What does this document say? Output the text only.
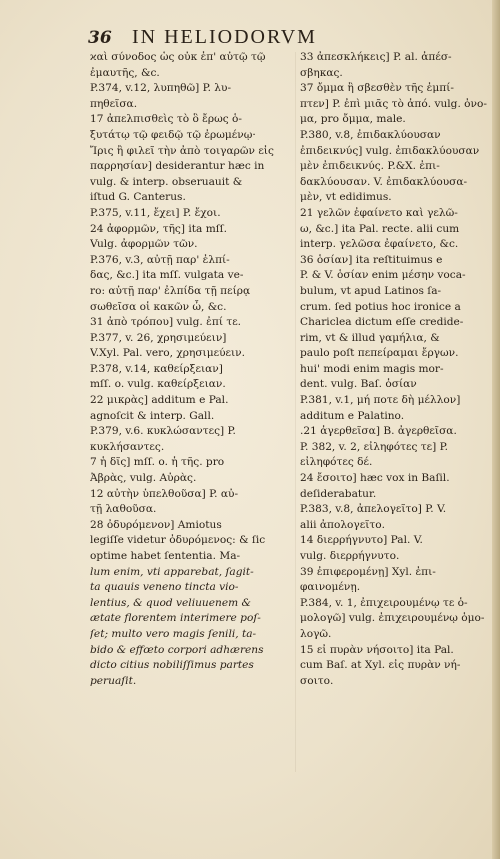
36 IN HELIODORVM
ϰαὶ σύνοδος ὡς οὐκ ἐπ' αὐτῷ τῷ
ἐμαυτῆς, &c.
P.374, v.12, λυπηθῶ] P. λυ-
πηθεῖσα.
17 ἀπελπισθεὶς τὸ ὃ ἔρως ὁ-
ξυτάτῳ τῷ φειδῷ τῷ ἐρωμένῳ·
Ἴρις ἢ φιλεῖ τὴν ἀπὸ τοιγαρῶν εἰς
παρρησίαν] desiderantur hæc in
vulg. & interp. obseruauit &
iſtud G. Canterus.
P.375, v.11, ἔχει] P. ἔχοι.
24 ἀφορμῶν, τῆς] ita mſſ.
Vulg. ἀφορμῶν τῶν.
P.376, v.3, αὐτῇ παρ' ἐλπί-
δας, &c.] ita mſſ. vulgata ve-
ro: αὐτῇ παρ' ἐλπίδα τῇ πείρᾳ
σωθεῖσα οἱ κακῶν ὦ, &c.
31 ἀπὸ τρόπου] vulg. ἐπί τε.
P.377, v. 26, χρησιμεύειν]
V.Xyl. Pal. vero, χρησιμεύειν.
P.378, v.14, καθείρξειαν]
mſſ. o. vulg. καθείρξειαν.
22 μικρὰς] additum e Pal.
agnoſcit & interp. Gall.
P.379, v.6. κυκλώσαντες] P.
κυκλήσαντες.
7 ἡ δῖς] mſſ. o. ἡ τῆς. pro
Ἀβρὰς, vulg. Αὐρὰς.
12 αὐτὴν ὑπελθοῦσα] P. αὐ-
τῇ λαθοῦσα.
28 ὀδυρόμενον] Amiotus
legiſſe videtur ὀδυρόμενος: & ſic
optime habet ſententia. Ma-
lum enim, vti apparebat, ſagit-
ta quauis veneno tincta vio-
lentius, & quod veliuuenem &
ætate florentem interimere poſ-
ſet; multo vero magis ſenili, ta-
bido & effœto corpori adhærens
dicto citius nobiliſſimus partes
peruaſit.
33 ἀπεσκλήκεις] P. al. ἀπέσ-
σβηκας.
37 ὄμμα ἢ σβεσθὲν τῆς ἐμπί-
πτεν] P. ἐπὶ μιᾶς τὸ ἀπό. vulg. ὀνο-
μα, pro ὄμμα, male.
P.380, v.8, ἐπιδακλύουσαν
ἐπιδεικνύς] vulg. ἐπιδακλύουσαν
μὲν ἐπιδεικνύς. P.&X. ἐπι-
δακλύουσαν. V. ἐπιδακλύουσα-
μὲν, vt edidimus.
21 γελῶν ἐφαίνετο καὶ γελῶ-
ω, &c.] ita Pal. recte. alii cum
interp. γελῶσα ἐφαίνετο, &c.
36 ὁσίαν] ita reſtituimus e
P. & V. ὁσίαν enim μέσην voca-
bulum, vt apud Latinos ſa-
crum. ſed potius hoc ironice a
Chariclea dictum eſſe credide-
rim, vt & illud γαμήλια, &
paulo poſt πεπείραμαι ἔργων.
hui' modi enim magis mor-
dent. vulg. Baſ. ὁσίαν
P.381, v.1, μή ποτε δὴ μέλλον]
additum e Palatino.
.21 ἀγερθεῖσα] B. ἀγερθεῖσα.
P. 382, v. 2, εἰληφότες τε] P.
εἰληφότες δέ.
24 ἔσοιτο] hæc vox in Baſil.
deſiderabatur.
P.383, v.8, ἀπελογεῖτο] P. V.
alii ἀπολογεῖτο.
14 διερρήγνυτο] Pal. V.
vulg. διερρήγνυτο.
39 ἐπιφερομένῃ] Xyl. ἐπι-
φαινομένῃ.
P.384, v. 1, ἐπιχειρουμένῳ τε ὁ-
μολογῶ] vulg. ἐπιχειρουμένῳ ὁμο-
λογῶ.
15 εἰ πυρὰν νήσοιτο] ita Pal.
cum Baſ. at Xyl. εἰς πυρὰν νή-
σοιτο.
